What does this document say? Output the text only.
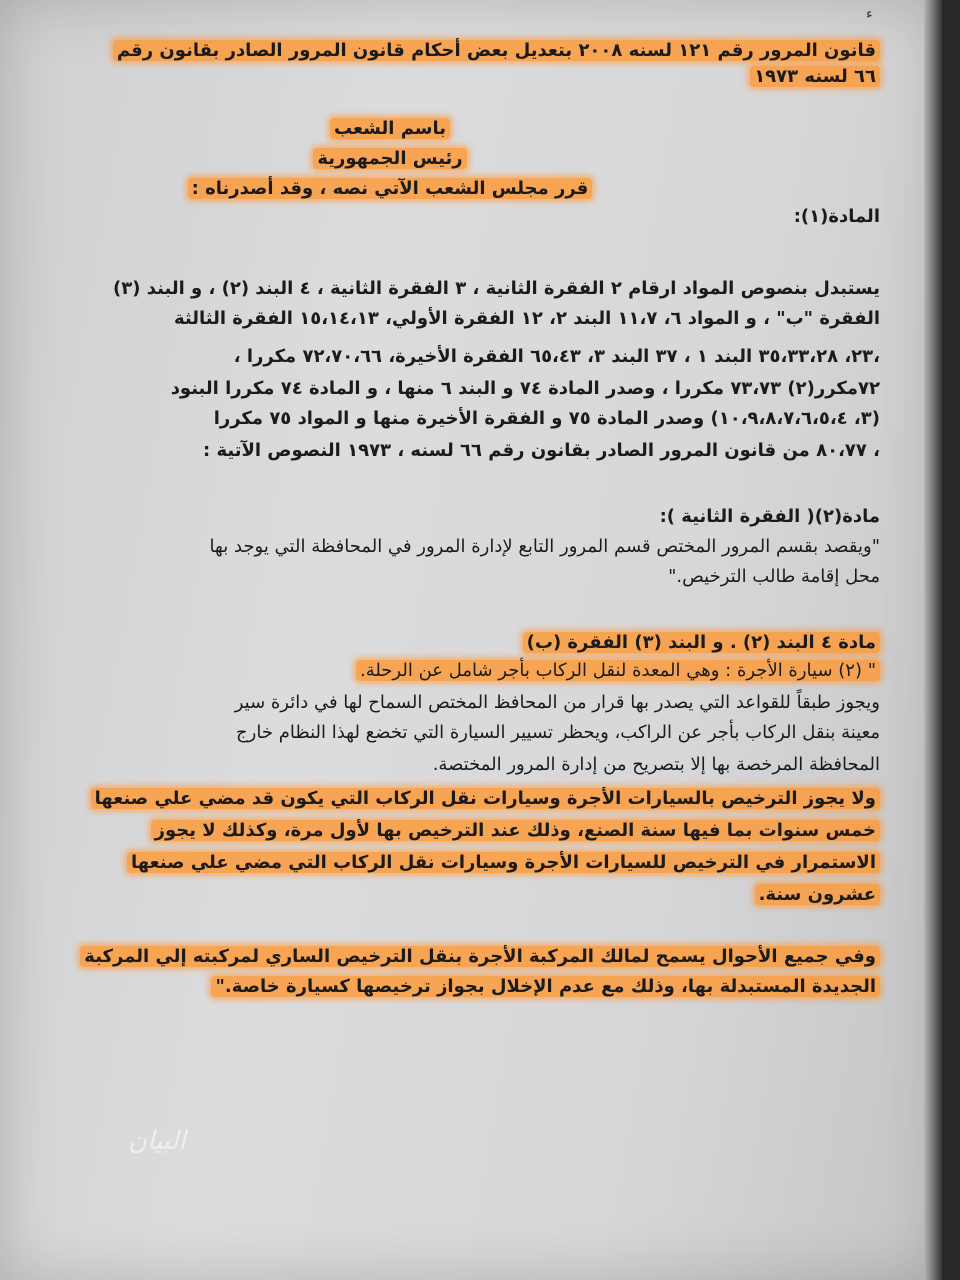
ﺀ
قانون المرور رقم ١٢١ لسنه ٢٠٠٨ بتعديل بعض أحكام قانون المرور الصادر بقانون رقم
٦٦ لسنه ١٩٧٣
باسم الشعب
رئيس الجمهورية
قرر مجلس الشعب الآتي نصه ، وقد أصدرناه :
المادة(١):
يستبدل بنصوص المواد ارقام ٢ الفقرة الثانية ، ٣ الفقرة الثانية ، ٤ البند (٢) ، و البند (٣)
الفقرة "ب" ، و المواد ٦، ١١،٧ البند ٢، ١٢ الفقرة الأولي، ١٥،١٤،١٣ الفقرة الثالثة
،٢٣، ٣٥،٣٣،٢٨ البند ١ ، ٣٧ البند ٣، ٦٥،٤٣ الفقرة الأخيرة، ٧٢،٧٠،٦٦ مكررا ،
٧٢مكرر(٢) ٧٣،٧٣ مكررا ، وصدر المادة ٧٤ و البند ٦ منها ، و المادة ٧٤ مكررا البنود
(٣، ١٠،٩،٨،٧،٦،٥،٤) وصدر المادة ٧٥ و الفقرة الأخيرة منها و المواد ٧٥ مكررا
، ٨٠،٧٧ من قانون المرور الصادر بقانون رقم ٦٦ لسنه ، ١٩٧٣ النصوص الآتية :
مادة(٢)( الفقرة الثانية ):
"ويقصد بقسم المرور المختص قسم المرور التابع لإدارة المرور في المحافظة التي يوجد بها
محل إقامة طالب الترخيص."
مادة ٤ البند (٢) . و البند (٣) الفقرة (ب)
" (٢) سيارة الأجرة : وهي المعدة لنقل الركاب بأجر شامل عن الرحلة.
ويجوز طبقاً للقواعد التي يصدر بها قرار من المحافظ المختص السماح لها في دائرة سير
معينة بنقل الركاب بأجر عن الراكب، ويحظر تسيير السيارة التي تخضع لهذا النظام خارج
المحافظة المرخصة بها إلا بتصريح من إدارة المرور المختصة.
ولا يجوز الترخيص بالسيارات الأجرة وسيارات نقل الركاب التي يكون قد مضي علي صنعها
خمس سنوات بما فيها سنة الصنع، وذلك عند الترخيص بها لأول مرة، وكذلك لا يجوز
الاستمرار في الترخيص للسيارات الأجرة وسيارات نقل الركاب التي مضي علي صنعها
عشرون سنة.
وفي جميع الأحوال يسمح لمالك المركبة الأجرة بنقل الترخيص الساري لمركبته إلي المركبة
الجديدة المستبدلة بها، وذلك مع عدم الإخلال بجواز ترخيصها كسيارة خاصة."
البيان
